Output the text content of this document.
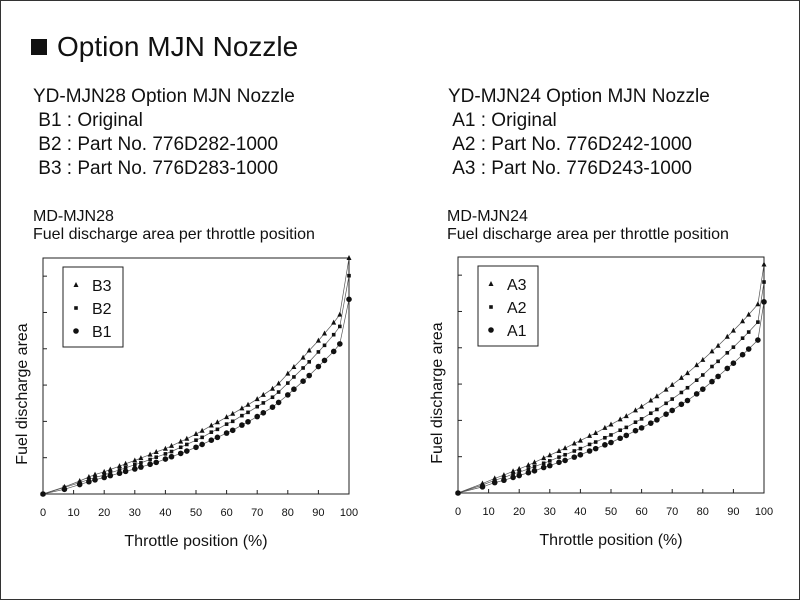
Option MJN Nozzle
YD-MJN28 Option MJN Nozzle
B1 : Original
B2 : Part No. 776D282-1000
B3 : Part No. 776D283-1000
YD-MJN24 Option MJN Nozzle
A1 : Original
A2 : Part No. 776D242-1000
A3 : Part No. 776D243-1000
MD-MJN28
Fuel discharge area per throttle position
MD-MJN24
Fuel discharge area per throttle position
0 10 20 30 40 50 60 70 80 90 100
Throttle position (%)
Fuel discharge area
B3
B2
B1
0 10 20 30 40 50 60 70 80 90 100
Throttle position (%)
Fuel discharge area
A3
A2
A1
